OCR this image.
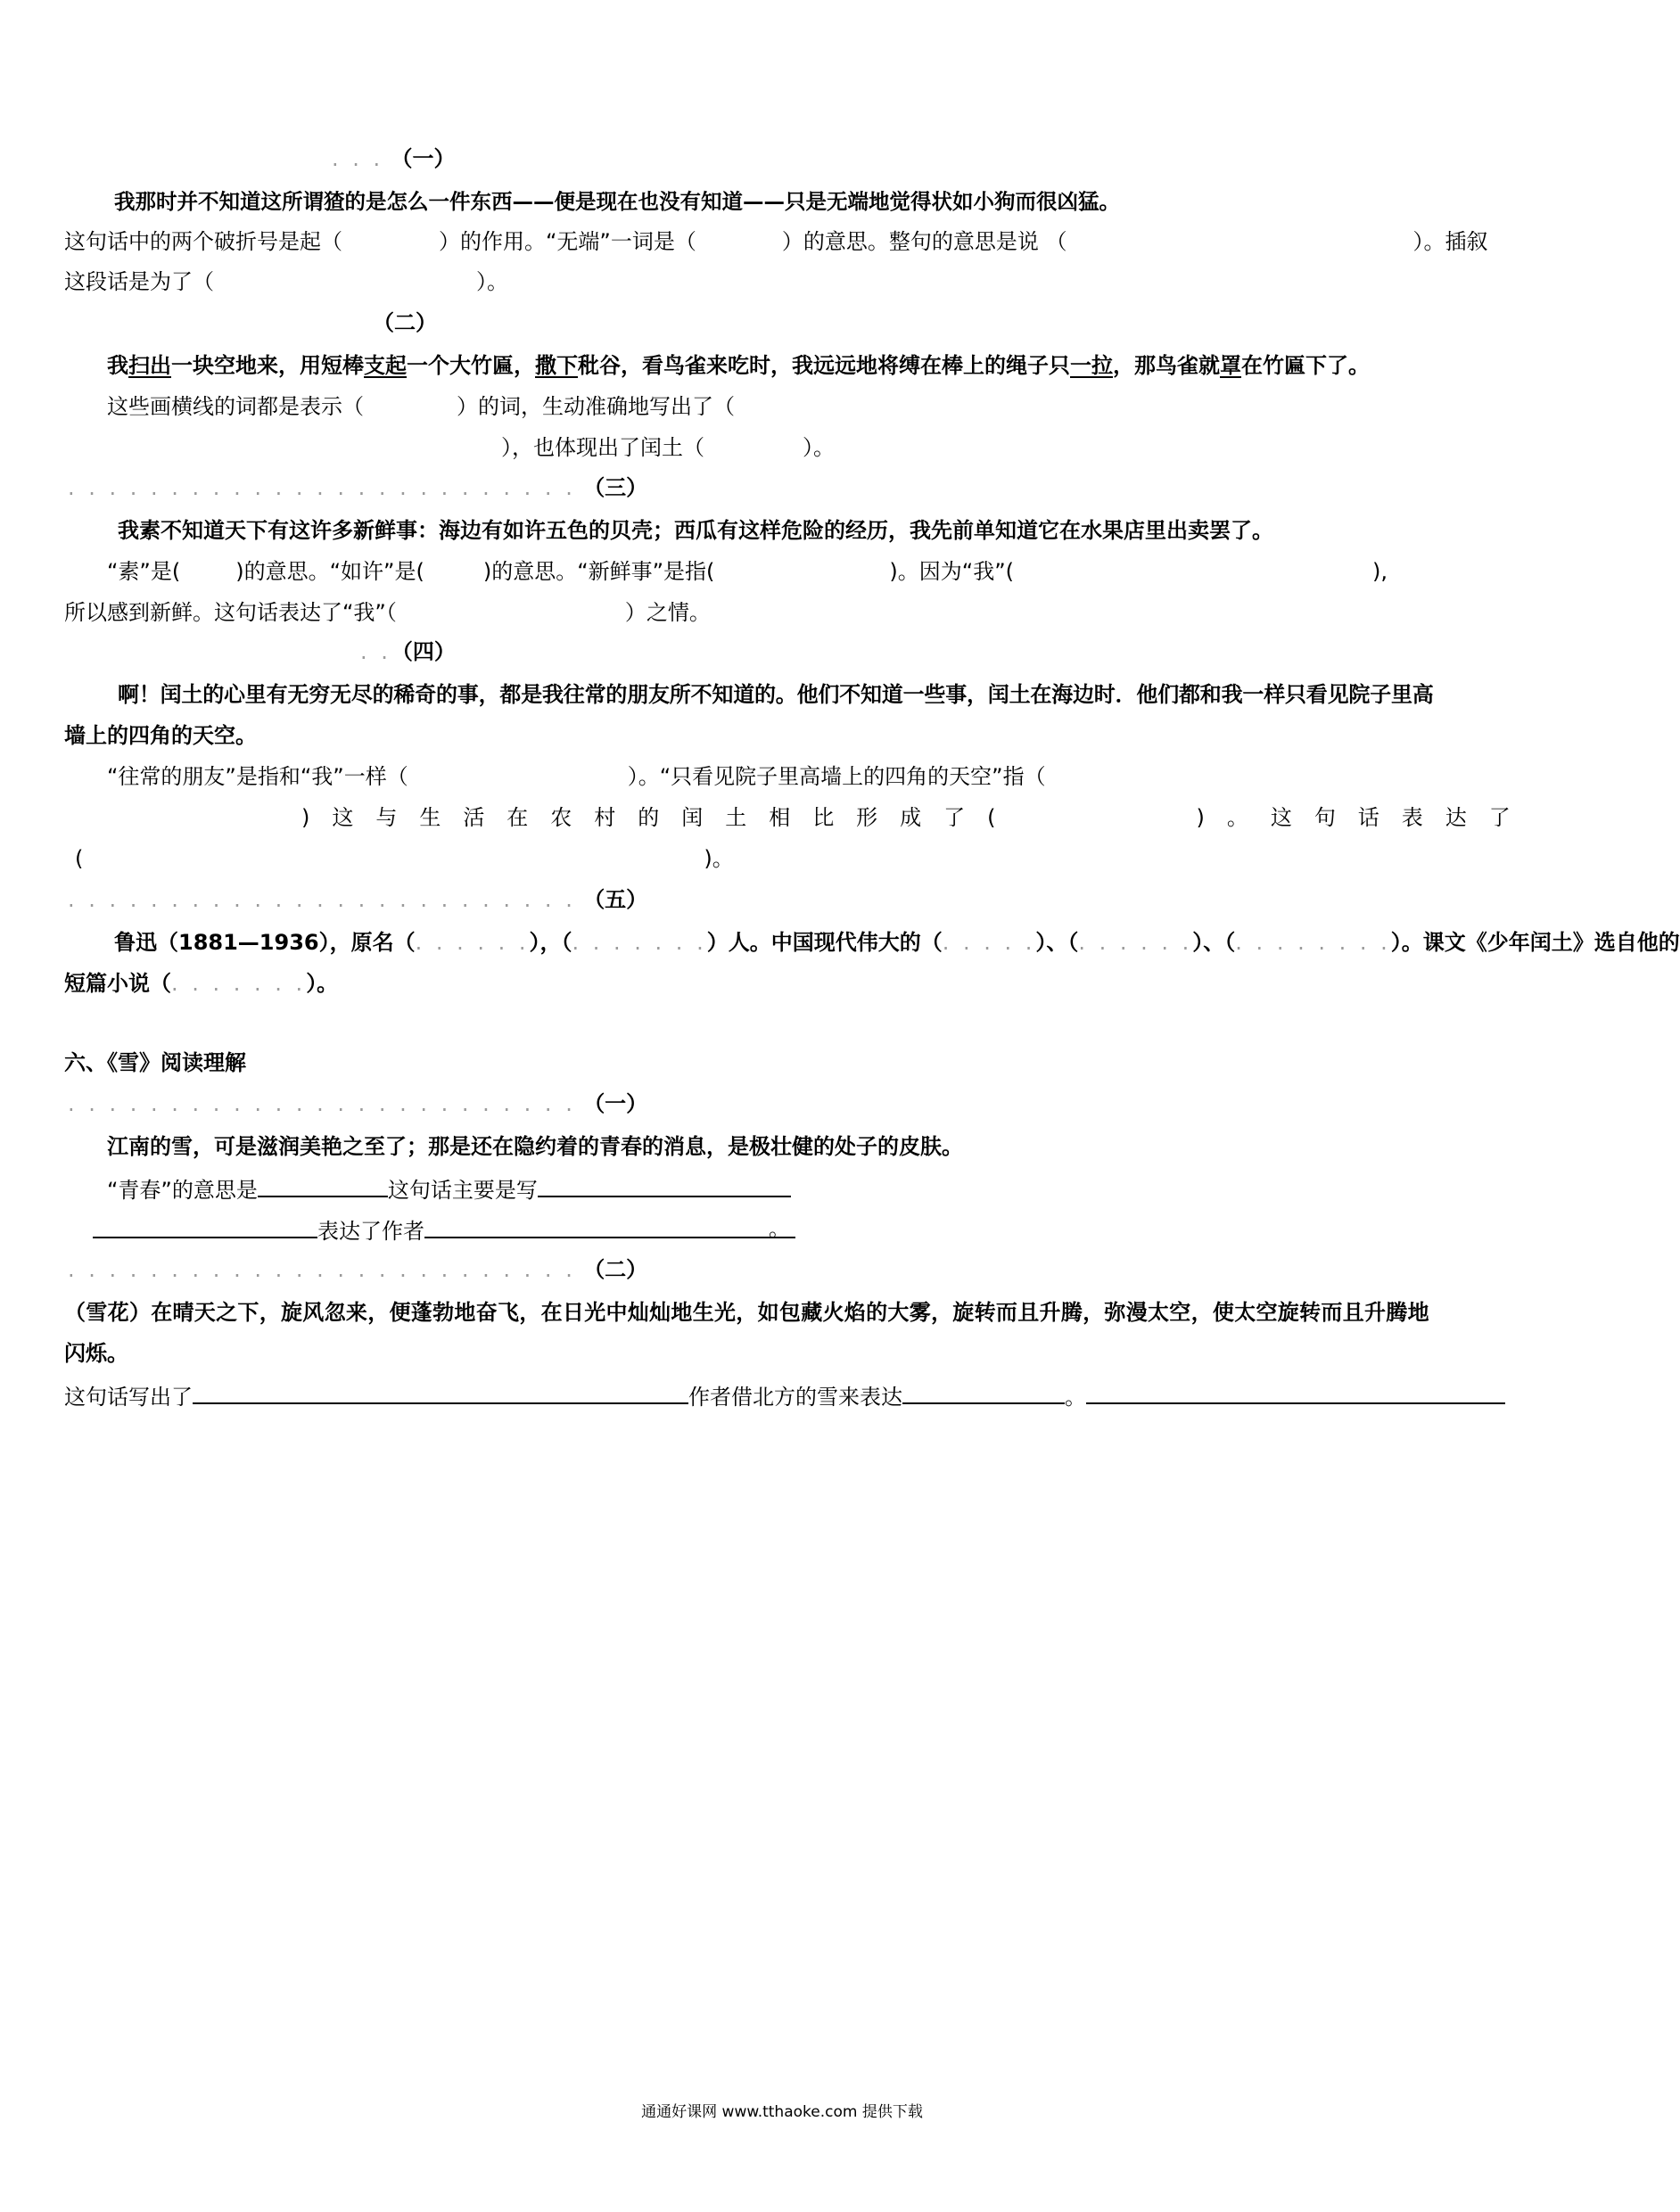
. . . （一）
我那时并不知道这所谓猹的是怎么一件东西——便是现在也没有知道——只是无端地觉得状如小狗而很凶猛。
这句话中的两个破折号是起（	）的作用。“无端”一词是（	）的意思。整句的意思是说 （	）。插叙
这段话是为了（	）。
（二）
我扫出一块空地来，用短棒支起一个大竹匾，撒下秕谷，看鸟雀来吃时，我远远地将缚在棒上的绳子只一拉，那鸟雀就罩在竹匾下了。
这些画横线的词都是表示（	）的词，生动准确地写出了（
），也体现出了闰土（	）。
. . . . . . . . . . . . . . . . . . . . . . . . . （三）
我素不知道天下有这许多新鲜事：海边有如许五色的贝壳；西瓜有这样危险的经历，我先前单知道它在水果店里出卖罢了。
“素”是(	)的意思。“如许”是(	)的意思。“新鲜事”是指(	)。因为“我”(	),
所以感到新鲜。这句话表达了“我”（	）之情。
. .（四）
啊！闰土的心里有无穷无尽的稀奇的事，都是我往常的朋友所不知道的。他们不知道一些事，闰土在海边时．他们都和我一样只看见院子里高
墙上的四角的天空。
“往常的朋友”是指和“我”一样（	）。“只看见院子里高墙上的四角的天空”指（
) 这 与 生 活 在 农 村 的 闰 土 相 比 形 成 了 (	) 。 这 句 话 表 达 了
(	)。
. . . . . . . . . . . . . . . . . . . . . . . . . （五）
鲁迅（1881—1936），原名（. . . . . .），（. . . . . . .）人。中国现代伟大的（. . . . .）、（. . . . . .）、（. . . . . . . .）。课文《少年闰土》选自他的
短篇小说（. . . . . . .）。
六、《雪》阅读理解
. . . . . . . . . . . . . . . . . . . . . . . . . （一）
江南的雪，可是滋润美艳之至了；那是还在隐约着的青春的消息，是极壮健的处子的皮肤。
“青春”的意思是	这句话主要是写
表达了作者	。
. . . . . . . . . . . . . . . . . . . . . . . . . （二）
（雪花）在晴天之下，旋风忽来，便蓬勃地奋飞，在日光中灿灿地生光，如包藏火焰的大雾，旋转而且升腾，弥漫太空，使太空旋转而且升腾地
闪烁。
这句话写出了	作者借北方的雪来表达	。
通通好课网 www.tthaoke.com 提供下载
